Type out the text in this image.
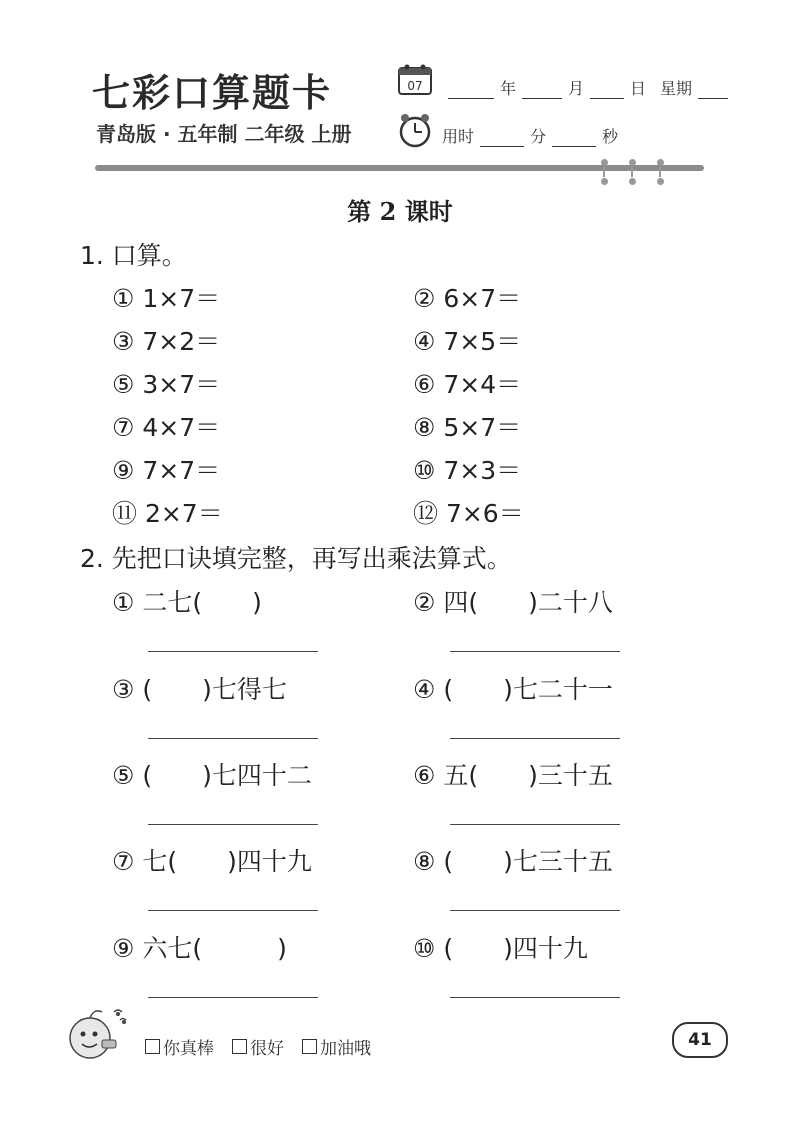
七彩口算题卡
青岛版 · 五年制 二年级 上册
07	年	月	日 星期
用时	分	秒
第 2 课时
1. 口算。
① 1×7＝	② 6×7＝
③ 7×2＝	④ 7×5＝
⑤ 3×7＝	⑥ 7×4＝
⑦ 4×7＝	⑧ 5×7＝
⑨ 7×7＝	⑩ 7×3＝
⑪ 2×7＝	⑫ 7×6＝
2. 先把口诀填完整，再写出乘法算式。
① 二七(　　)	② 四(　　)二十八
③ (　　)七得七	④ (　　)七二十一
⑤ (　　)七四十二	⑥ 五(　　)三十五
⑦ 七(　　)四十九	⑧ (　　)七三十五
⑨ 六七(　　　)	⑩ (　　)四十九
你真棒 很好 加油哦	41
